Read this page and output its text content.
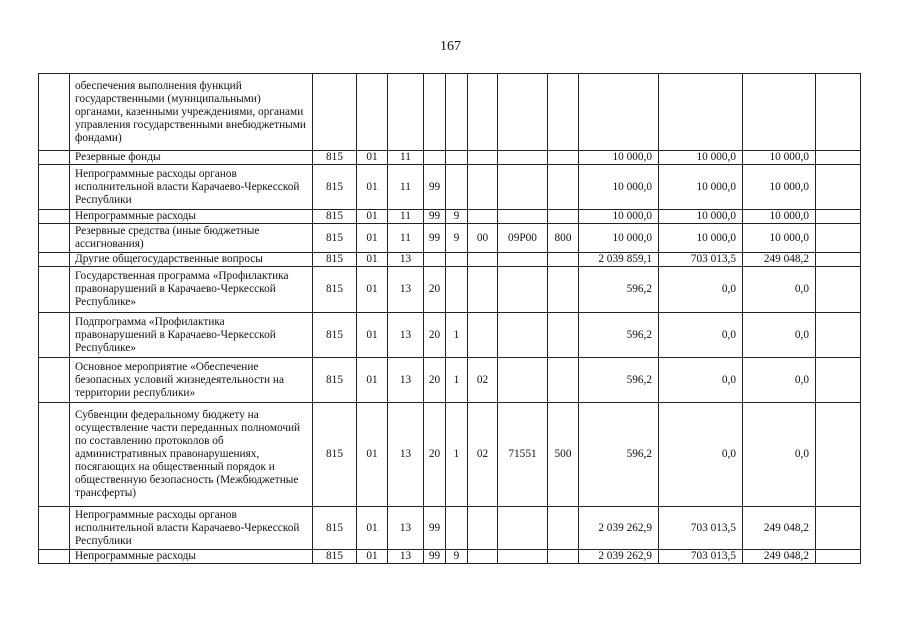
167
	обеспечения выполнения функций государственными (муниципальными) органами, казенными учреждениями, органами управления государственными внебюджетными фондами)												
	Резервные фонды	815	01	11						10 000,0	10 000,0	10 000,0	
	Непрограммные расходы органов исполнительной власти Карачаево-Черкесской Республики	815	01	11	99					10 000,0	10 000,0	10 000,0	
	Непрограммные расходы	815	01	11	99	9				10 000,0	10 000,0	10 000,0	
	Резервные средства (иные бюджетные ассигнования)	815	01	11	99	9	00	09Р00	800	10 000,0	10 000,0	10 000,0	
	Другие общегосударственные вопросы	815	01	13						2 039 859,1	703 013,5	249 048,2	
	Государственная программа «Профилактика правонарушений в Карачаево-Черкесской Республике»	815	01	13	20					596,2	0,0	0,0	
	Подпрограмма «Профилактика правонарушений в Карачаево-Черкесской Республике»	815	01	13	20	1				596,2	0,0	0,0	
	Основное мероприятие «Обеспечение безопасных условий жизнедеятельности на территории республики»	815	01	13	20	1	02			596,2	0,0	0,0	
	Субвенции федеральному бюджету на осуществление части переданных полномочий по составлению протоколов об административных правонарушениях, посягающих на общественный порядок и общественную безопасность (Межбюджетные трансферты)	815	01	13	20	1	02	71551	500	596,2	0,0	0,0	
	Непрограммные расходы органов исполнительной власти Карачаево-Черкесской Республики	815	01	13	99					2 039 262,9	703 013,5	249 048,2	
	Непрограммные расходы	815	01	13	99	9				2 039 262,9	703 013,5	249 048,2	
